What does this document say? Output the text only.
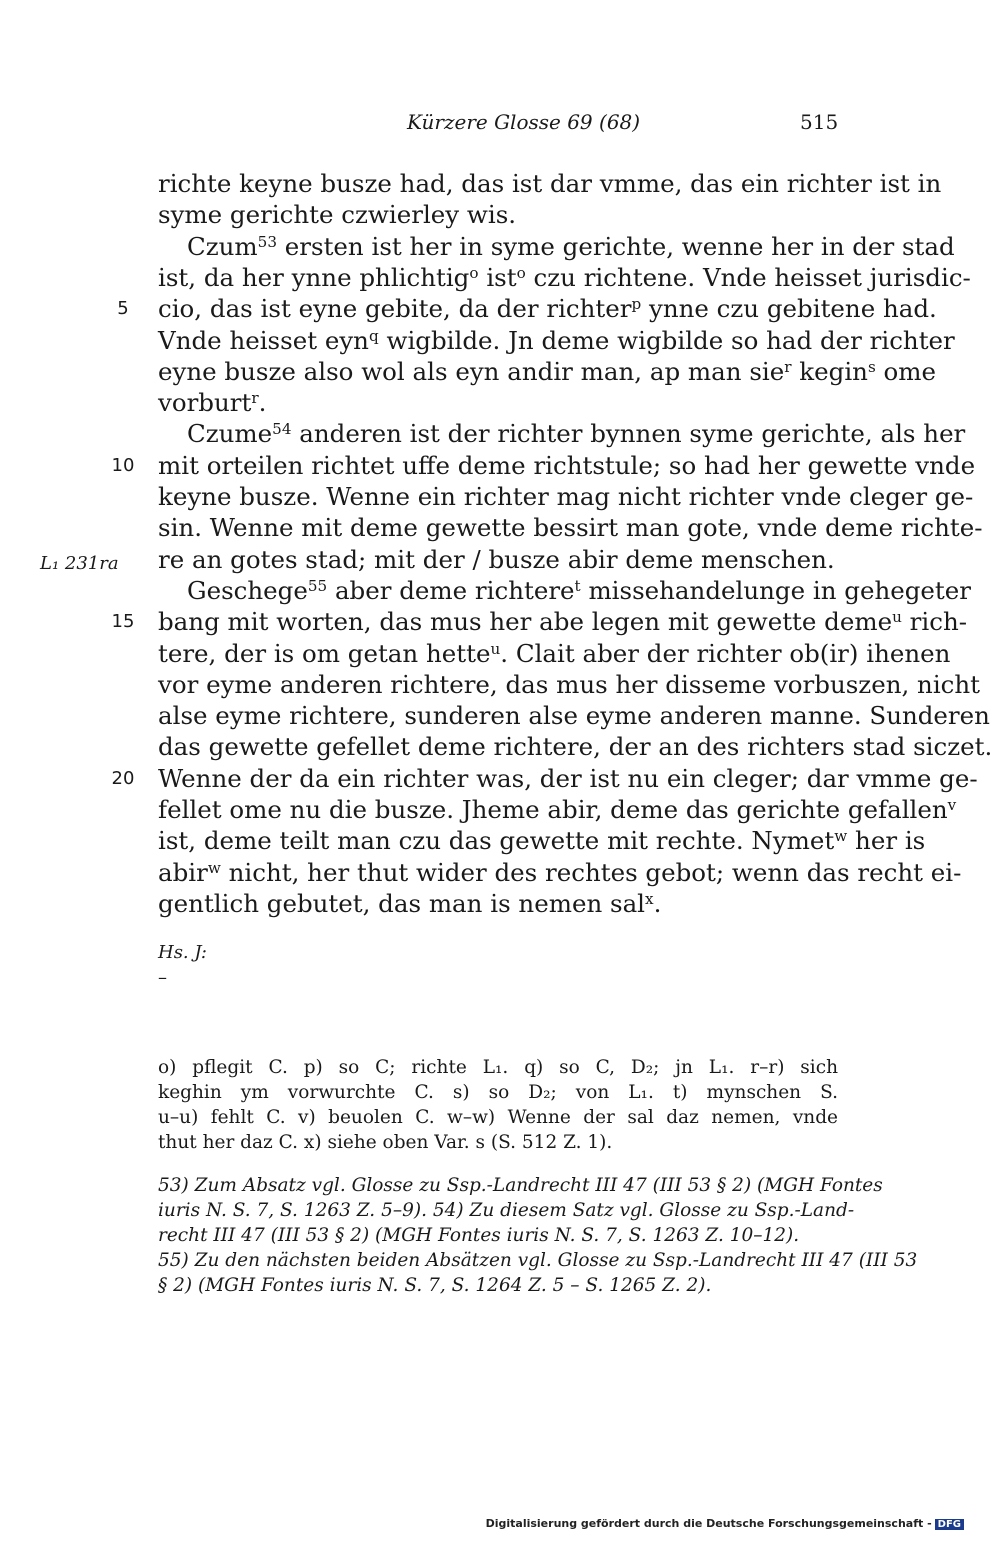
Kürzere Glosse 69 (68)	515
richte keyne busze had, das ist dar vmme, das ein richter ist in
syme gerichte czwierley wis.
Czum$^{53}$ ersten ist her in syme gerichte, wenne her in der stad
ist, da her ynne phlichtig$^o$ ist$^o$ czu richtene. Vnde heisset jurisdic-
cio, das ist eyne gebite, da der richter$^p$ ynne czu gebitene had.
5
Vnde heisset eyn$^q$ wigbilde. Jn deme wigbilde so had der richter
eyne busze also wol als eyn andir man, ap man sie$^r$ kegin$^s$ ome
vorburt$^r$.
Czume$^{54}$ anderen ist der richter bynnen syme gerichte, als her
mit orteilen richtet uffe deme richtstule; so had her gewette vnde
10
keyne busze. Wenne ein richter mag nicht richter vnde cleger ge-
sin. Wenne mit deme gewette bessirt man gote, vnde deme richte-
re an gotes stad; mit der / busze abir deme menschen.
Geschege$^{55}$ aber deme richtere$^t$ missehandelunge in gehegeter
bang mit worten, das mus her abe legen mit gewette deme$^u$ rich-
15
tere, der is om getan hette$^u$. Clait aber der richter ob(ir) ihenen
vor eyme anderen richtere, das mus her disseme vorbuszen, nicht
alse eyme richtere, sunderen alse eyme anderen manne. Sunderen
das gewette gefellet deme richtere, der an des richters stad siczet.
Wenne der da ein richter was, der ist nu ein cleger; dar vmme ge-
20
fellet ome nu die busze. Jheme abir, deme das gerichte gefallen$^v$
ist, deme teilt man czu das gewette mit rechte. Nymet$^w$ her is
abir$^w$ nicht, her thut wider des rechtes gebot; wenn das recht ei-
gentlich gebutet, das man is nemen sal$^x$.
L₁ 231ra
Hs. J:
–
o) pflegit C. p) so C; richte L₁. q) so C, D₂; jn L₁. r–r) sich
keghin ym vorwurchte C. s) so D₂; von L₁. t) mynschen S.
u–u) fehlt C. v) beuolen C. w–w) Wenne der sal daz nemen, vnde
thut her daz C. x) siehe oben Var. s (S. 512 Z. 1).
53) Zum Absatz vgl. Glosse zu Ssp.-Landrecht III 47 (III 53 § 2) (MGH Fontes
iuris N. S. 7, S. 1263 Z. 5–9). 54) Zu diesem Satz vgl. Glosse zu Ssp.-Land-
recht III 47 (III 53 § 2) (MGH Fontes iuris N. S. 7, S. 1263 Z. 10–12).
55) Zu den nächsten beiden Absätzen vgl. Glosse zu Ssp.-Landrecht III 47 (III 53
§ 2) (MGH Fontes iuris N. S. 7, S. 1264 Z. 5 – S. 1265 Z. 2).
Digitalisierung gefördert durch die Deutsche Forschungsgemeinschaft - DFG
